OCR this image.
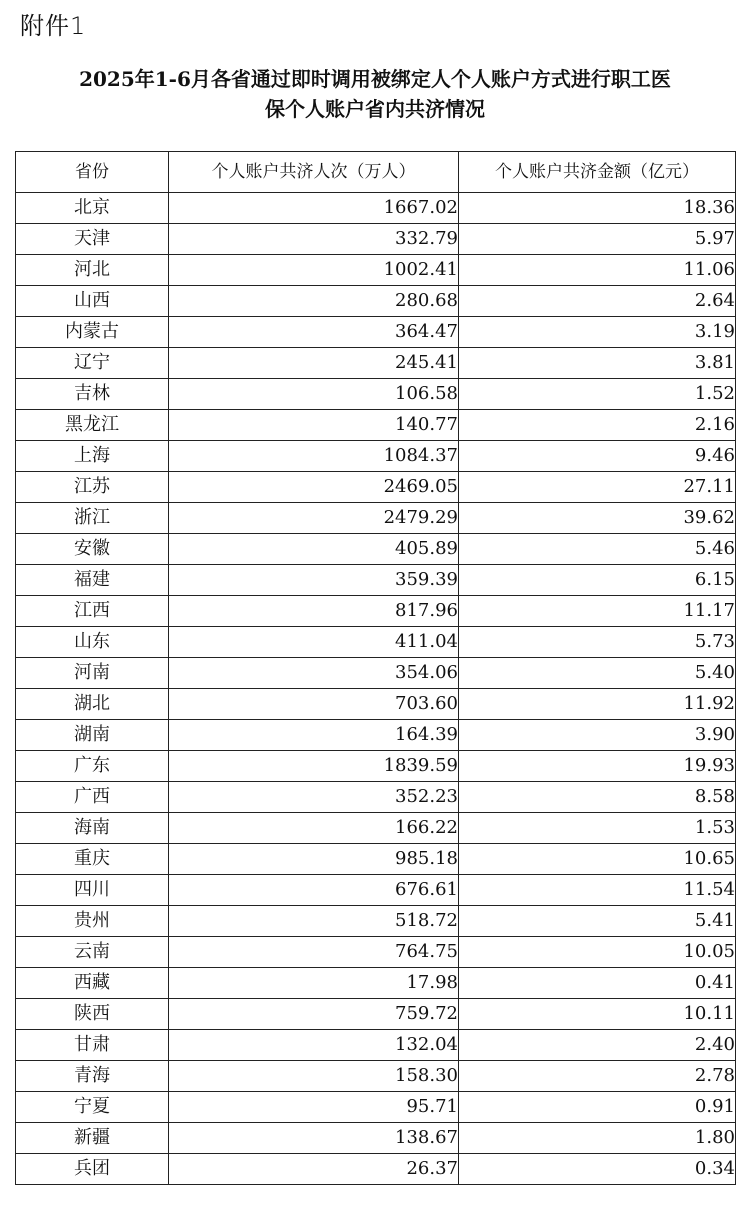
附件1
2025年1-6月各省通过即时调用被绑定人个人账户方式进行职工医
保个人账户省内共济情况
省份	个人账户共济人次（万人）	个人账户共济金额（亿元）
北京	1667.02	18.36
天津	332.79	5.97
河北	1002.41	11.06
山西	280.68	2.64
内蒙古	364.47	3.19
辽宁	245.41	3.81
吉林	106.58	1.52
黑龙江	140.77	2.16
上海	1084.37	9.46
江苏	2469.05	27.11
浙江	2479.29	39.62
安徽	405.89	5.46
福建	359.39	6.15
江西	817.96	11.17
山东	411.04	5.73
河南	354.06	5.40
湖北	703.60	11.92
湖南	164.39	3.90
广东	1839.59	19.93
广西	352.23	8.58
海南	166.22	1.53
重庆	985.18	10.65
四川	676.61	11.54
贵州	518.72	5.41
云南	764.75	10.05
西藏	17.98	0.41
陕西	759.72	10.11
甘肃	132.04	2.40
青海	158.30	2.78
宁夏	95.71	0.91
新疆	138.67	1.80
兵团	26.37	0.34
